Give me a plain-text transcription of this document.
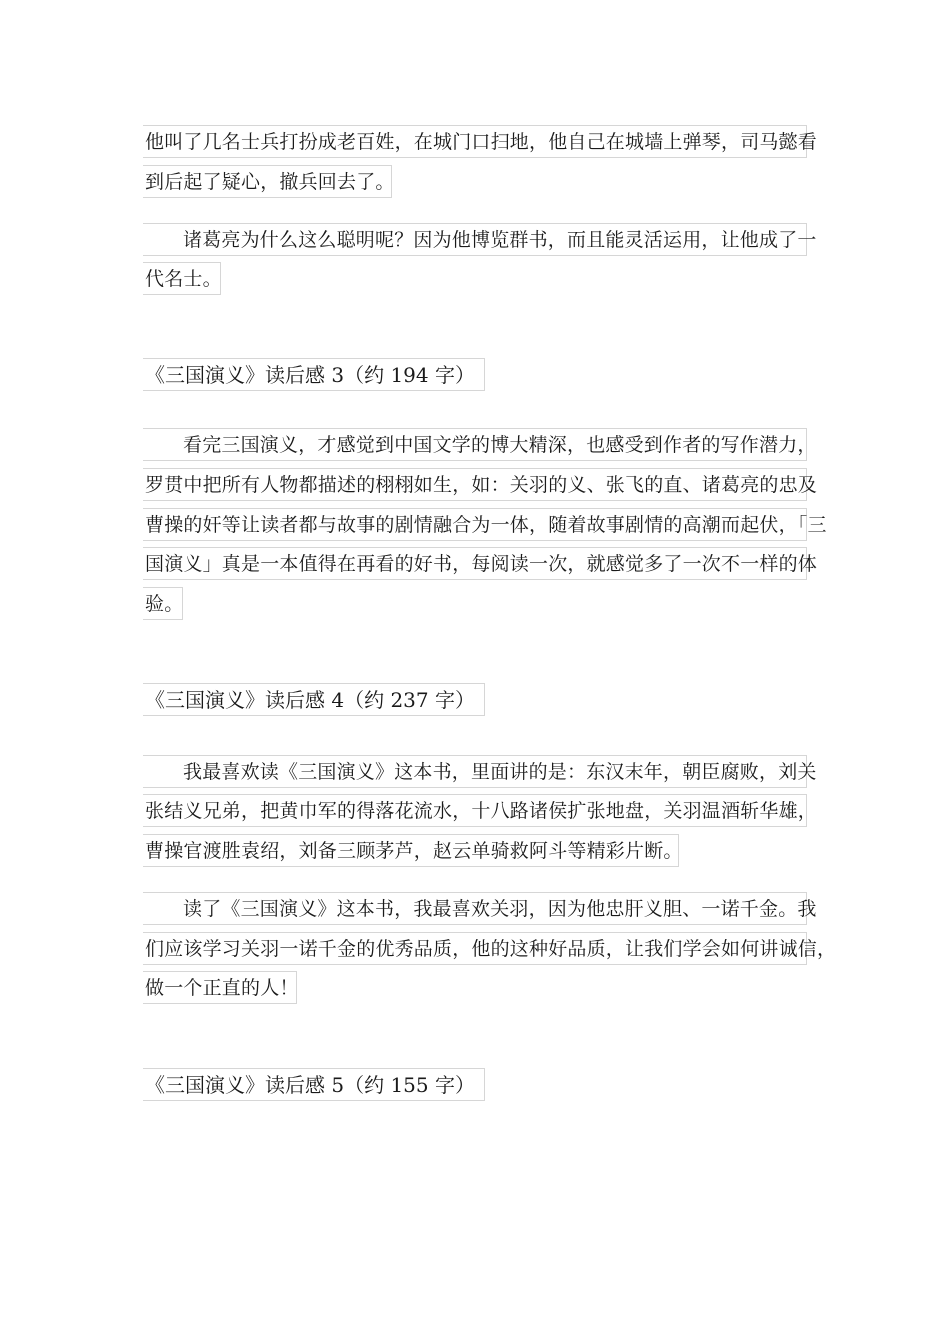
他叫了几名士兵打扮成老百姓，在城门口扫地，他自己在城墙上弹琴，司马懿看
到后起了疑心，撤兵回去了。
诸葛亮为什么这么聪明呢？因为他博览群书，而且能灵活运用，让他成了一
代名士。
《三国演义》读后感 3（约 194 字）
看完三国演义，才感觉到中国文学的博大精深，也感受到作者的写作潜力，
罗贯中把所有人物都描述的栩栩如生，如：关羽的义、张飞的直、诸葛亮的忠及
曹操的奸等让读者都与故事的剧情融合为一体，随着故事剧情的高潮而起伏，「三
国演义」真是一本值得在再看的好书，每阅读一次，就感觉多了一次不一样的体
验。
《三国演义》读后感 4（约 237 字）
我最喜欢读《三国演义》这本书，里面讲的是：东汉末年，朝臣腐败，刘关
张结义兄弟，把黄巾军的得落花流水，十八路诸侯扩张地盘，关羽温酒斩华雄，
曹操官渡胜袁绍，刘备三顾茅芦，赵云单骑救阿斗等精彩片断。
读了《三国演义》这本书，我最喜欢关羽，因为他忠肝义胆、一诺千金。我
们应该学习关羽一诺千金的优秀品质，他的这种好品质，让我们学会如何讲诚信，
做一个正直的人！
《三国演义》读后感 5（约 155 字）
